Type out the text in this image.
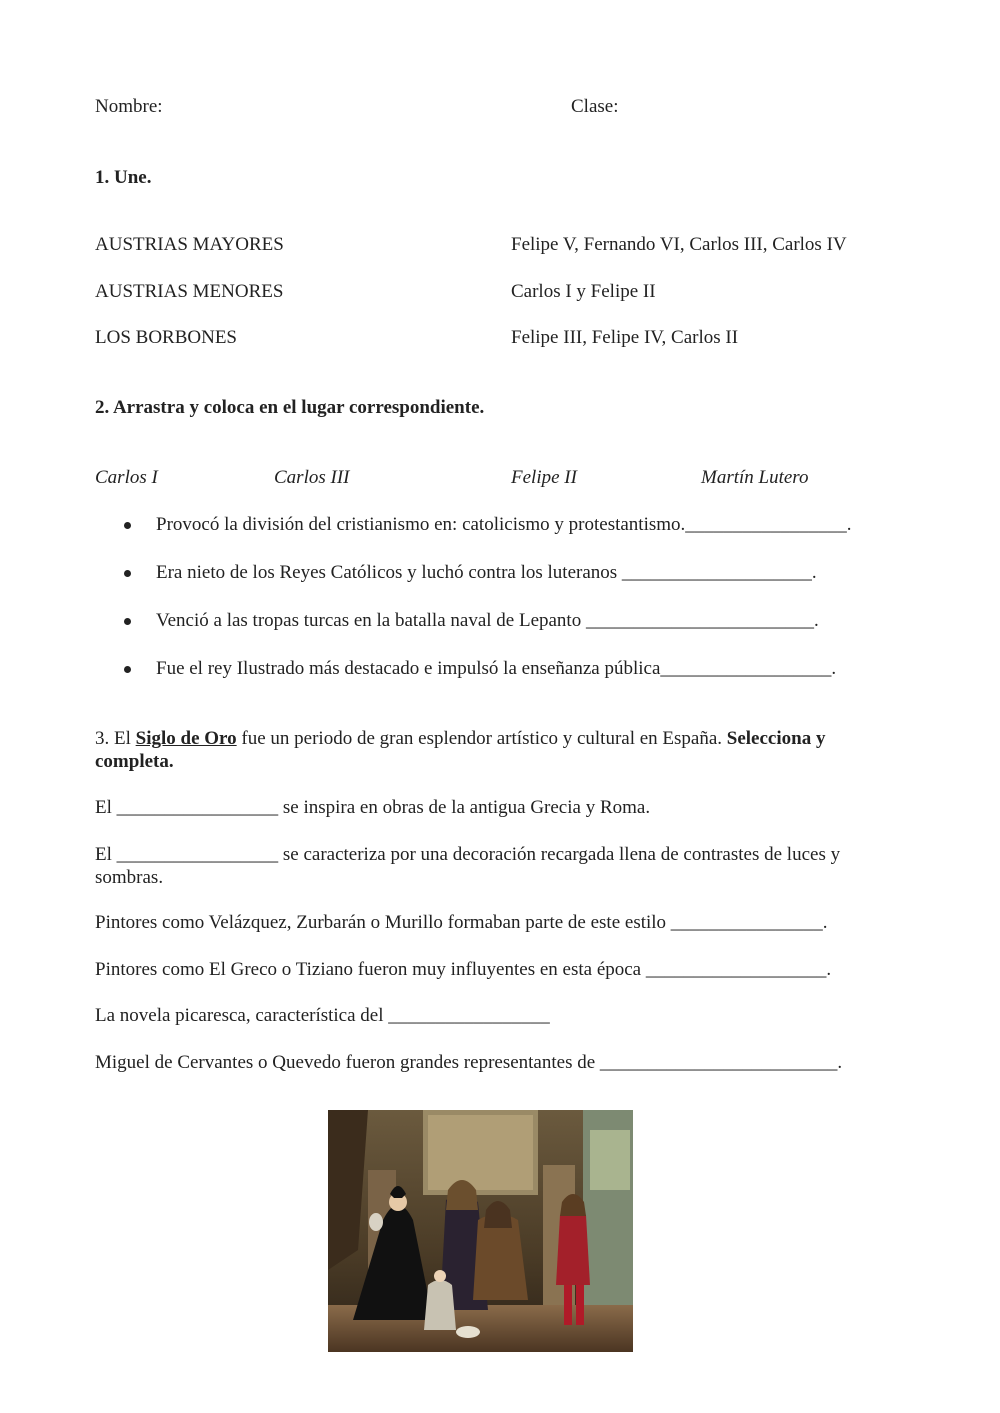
Nombre:	Clase:
1. Une.
AUSTRIAS MAYORES	Felipe V, Fernando VI, Carlos III, Carlos IV
AUSTRIAS MENORES	Carlos I y Felipe II
LOS BORBONES	Felipe III, Felipe IV, Carlos II
2. Arrastra y coloca en el lugar correspondiente.
Carlos I	Carlos III	Felipe II	Martín Lutero
Provocó la división del cristianismo en: catolicismo y protestantismo._________________.
Era nieto de los Reyes Católicos y luchó contra los luteranos ____________________.
Venció a las tropas turcas en la batalla naval de Lepanto ________________________.
Fue el rey Ilustrado más destacado e impulsó la enseñanza pública__________________.
3. El Siglo de Oro fue un periodo de gran esplendor artístico y cultural en España. Selecciona y completa.
El _________________ se inspira en obras de la antigua Grecia y Roma.
El _________________ se caracteriza por una decoración recargada llena de contrastes de luces y sombras.
Pintores como Velázquez, Zurbarán o Murillo formaban parte de este estilo ________________.
Pintores como El Greco o Tiziano fueron muy influyentes en esta época ___________________.
La novela picaresca, característica del _________________
Miguel de Cervantes o Quevedo fueron grandes representantes de _________________________.
